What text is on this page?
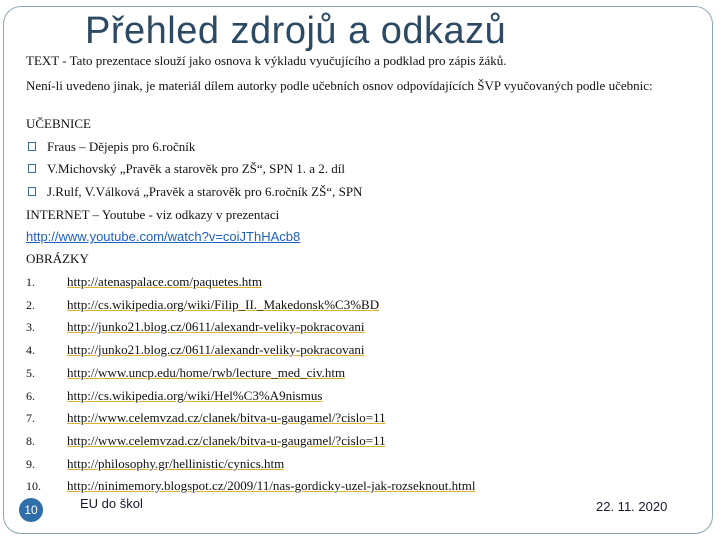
Přehled zdrojů a odkazů
TEXT - Tato prezentace slouží jako osnova k výkladu vyučujícího a podklad pro zápis žáků.
Není-li uvedeno jinak, je materiál dílem autorky podle učebních osnov odpovídajících ŠVP vyučovaných podle učebnic:
UČEBNICE
Fraus – Dějepis pro 6.ročník
V.Michovský „Pravěk a starověk pro ZŠ“, SPN 1. a 2. díl
J.Rulf, V.Válková „Pravěk a starověk pro 6.ročník ZŠ“, SPN
INTERNET – Youtube - viz odkazy v prezentaci
http://www.youtube.com/watch?v=coiJThHAcb8
OBRÁZKY
1. http://atenaspalace.com/paquetes.htm
2. http://cs.wikipedia.org/wiki/Filip_II._Makedonsk%C3%BD
3. http://junko21.blog.cz/0611/alexandr-veliky-pokracovani
4. http://junko21.blog.cz/0611/alexandr-veliky-pokracovani
5. http://www.uncp.edu/home/rwb/lecture_med_civ.htm
6. http://cs.wikipedia.org/wiki/Hel%C3%A9nismus
7. http://www.celemvzad.cz/clanek/bitva-u-gaugamel/?cislo=11
8. http://www.celemvzad.cz/clanek/bitva-u-gaugamel/?cislo=11
9. http://philosophy.gr/hellinistic/cynics.htm
10. http://ninimemory.blogspot.cz/2009/11/nas-gordicky-uzel-jak-rozseknout.html
10	EU do škol	22. 11. 2020
